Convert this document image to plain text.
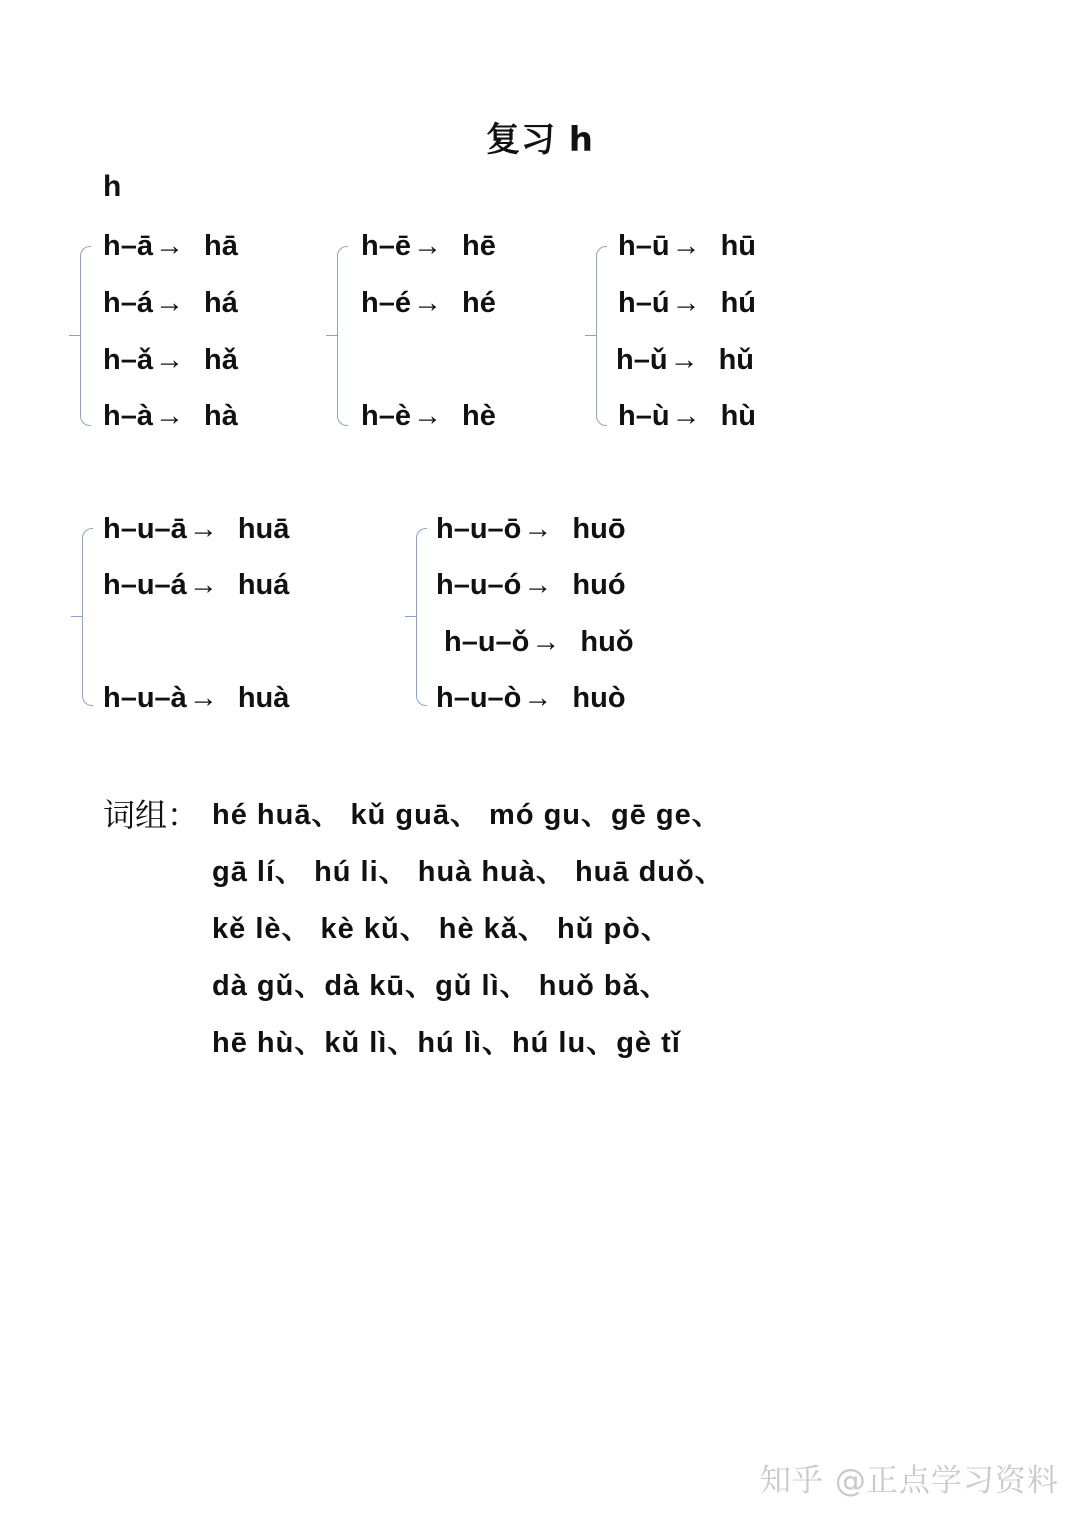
复习 h
h
h–ā→ hā
h–á→ há
h–ǎ→ hǎ
h–à→ hà
h–ē→ hē
h–é→ hé
h–è→ hè
h–ū→ hū
h–ú→ hú
h–ǔ→ hǔ
h–ù→ hù
h–u–ā→ huā
h–u–á→ huá
h–u–à→ huà
h–u–ō→ huō
h–u–ó→ huó
h–u–ǒ→ huǒ
h–u–ò→ huò
词组： hé huā、 kǔ guā、 mó gu、gē ge、
gā lí、 hú li、 huà huà、 huā duǒ、
kě lè、 kè kǔ、 hè kǎ、 hǔ pò、
dà gǔ、dà kū、gǔ lì、 huǒ bǎ、
hē hù、kǔ lì、hú lì、hú lu、gè tǐ
知乎 @正点学习资料
